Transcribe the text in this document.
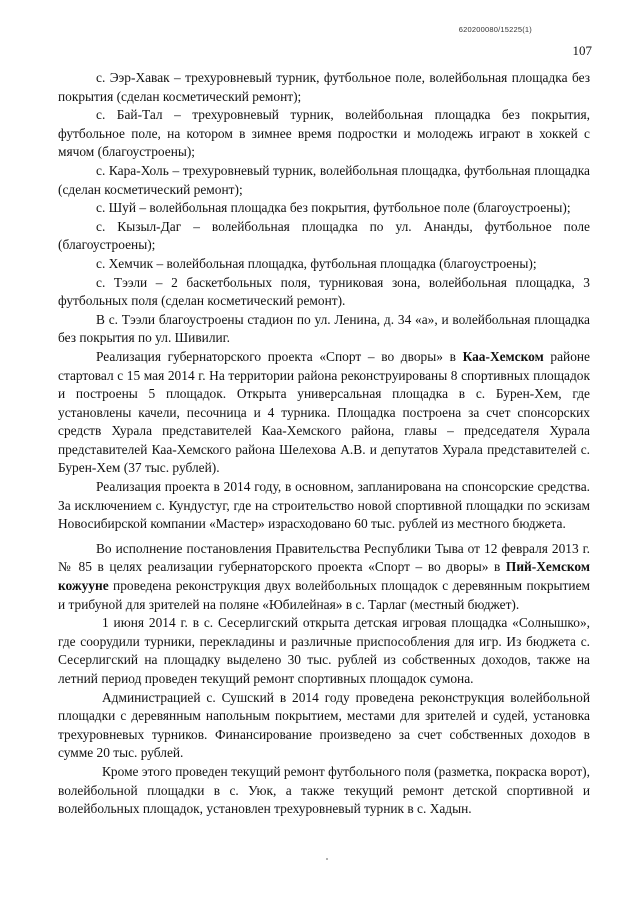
620200080/15225(1)
107

с. Ээр-Хавак – трехуровневый турник, футбольное поле, волейбольная площадка без покрытия (сделан косметический ремонт);

с. Бай-Тал – трехуровневый турник, волейбольная площадка без покрытия, футбольное поле, на котором в зимнее время подростки и молодежь играют в хоккей с мячом (благоустроены);

с. Кара-Холь – трехуровневый турник, волейбольная площадка, футбольная площадка (сделан косметический ремонт);

с. Шуй – волейбольная площадка без покрытия, футбольное поле (благоустроены);

с. Кызыл-Даг – волейбольная площадка по ул. Ананды, футбольное поле (благоустроены);

с. Хемчик – волейбольная площадка, футбольная площадка (благоустроены);

с. Тээли – 2 баскетбольных поля, турниковая зона, волейбольная площадка, 3 футбольных поля (сделан косметический ремонт).

В с. Тээли благоустроены стадион по ул. Ленина, д. 34 «а», и волейбольная площадка без покрытия по ул. Шивилиг.

Реализация губернаторского проекта «Спорт – во дворы» в Каа-Хемском районе стартовал с 15 мая 2014 г. На территории района реконструированы 8 спортивных площадок и построены 5 площадок. Открыта универсальная площадка в с. Бурен-Хем, где установлены качели, песочница и 4 турника. Площадка построена за счет спонсорских средств Хурала представителей Каа-Хемского района, главы – председателя Хурала представителей Каа-Хемского района Шелехова А.В. и депутатов Хурала представителей с. Бурен-Хем (37 тыс. рублей).

Реализация проекта в 2014 году, в основном, запланирована на спонсорские средства. За исключением с. Кундустуг, где на строительство новой спортивной площадки по эскизам Новосибирской компании «Мастер» израсходовано 60 тыс. рублей из местного бюджета.

Во исполнение постановления Правительства Республики Тыва от 12 февраля 2013 г. № 85 в целях реализации губернаторского проекта «Спорт – во дворы» в Пий-Хемском кожууне проведена реконструкция двух волейбольных площадок с деревянным покрытием и трибуной для зрителей на поляне «Юбилейная» в с. Тарлаг (местный бюджет).

1 июня 2014 г. в с. Сесерлигский открыта детская игровая площадка «Солнышко», где соорудили турники, перекладины и различные приспособления для игр. Из бюджета с. Сесерлигский на площадку выделено 30 тыс. рублей из собственных доходов, также на летний период проведен текущий ремонт спортивных площадок сумона.

Администрацией с. Сушский в 2014 году проведена реконструкция волейбольной площадки с деревянным напольным покрытием, местами для зрителей и судей, установка трехуровневых турников. Финансирование произведено за счет собственных доходов в сумме 20 тыс. рублей.

Кроме этого проведен текущий ремонт футбольного поля (разметка, покраска ворот), волейбольной площадки в с. Уюк, а также текущий ремонт детской спортивной и волейбольных площадок, установлен трехуровневый турник в с. Хадын.
